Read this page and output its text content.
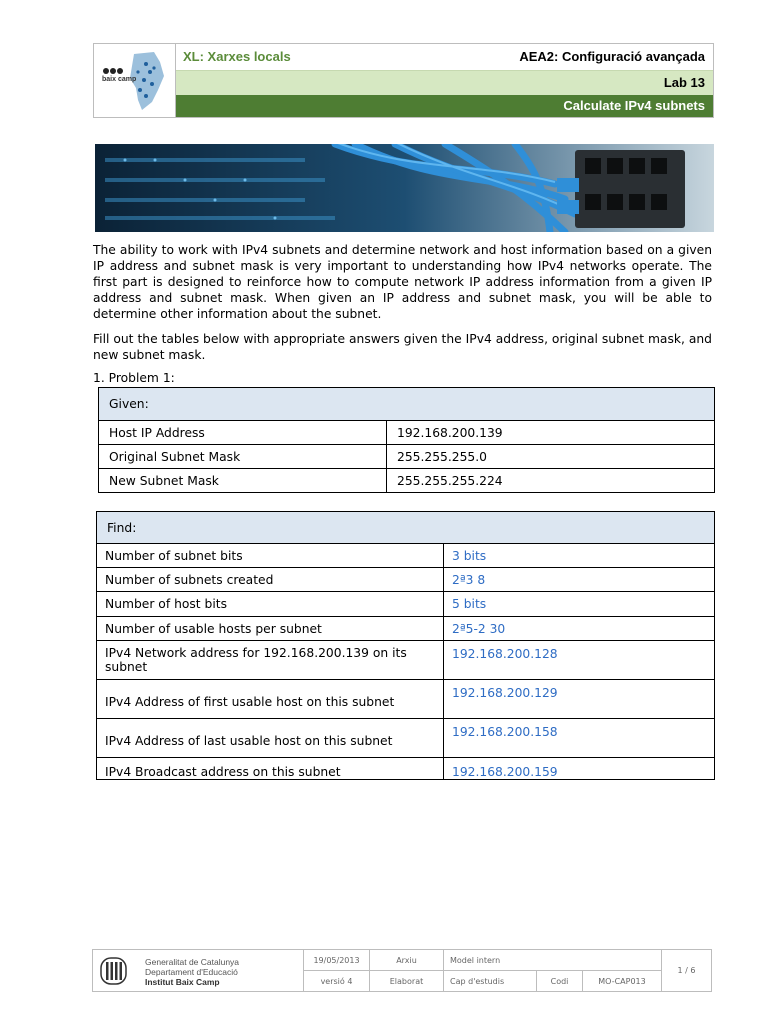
baix camp
XL: Xarxes locals	AEA2: Configuració avançada
Lab 13
Calculate IPv4 subnets
The ability to work with IPv4 subnets and determine network and host information based on a given IP address and subnet mask is very important to understanding how IPv4 networks operate. The first part is designed to reinforce how to compute network IP address information from a given IP address and subnet mask. When given an IP address and subnet mask, you will be able to determine other information about the subnet.
Fill out the tables below with appropriate answers given the IPv4 address, original subnet mask, and new subnet mask.
1. Problem 1:
Given:	
Host IP Address	192.168.200.139
Original Subnet Mask	255.255.255.0
New Subnet Mask	255.255.255.224
Find:	
Number of subnet bits	3 bits
Number of subnets created	2ª3 8
Number of host bits	5 bits
Number of usable hosts per subnet	2ª5-2 30
IPv4 Network address for 192.168.200.139 on its subnet	192.168.200.128
IPv4 Address of first usable host on this subnet	192.168.200.129
IPv4 Address of last usable host on this subnet	192.168.200.158
IPv4 Broadcast address on this subnet	192.168.200.159
Generalitat de Catalunya
Departament d'Educació
Institut Baix Camp
19/05/2013
versió 4
Arxiu
Elaborat
Model intern
Cap d'estudis	Codi	MO-CAP013
1 / 6
